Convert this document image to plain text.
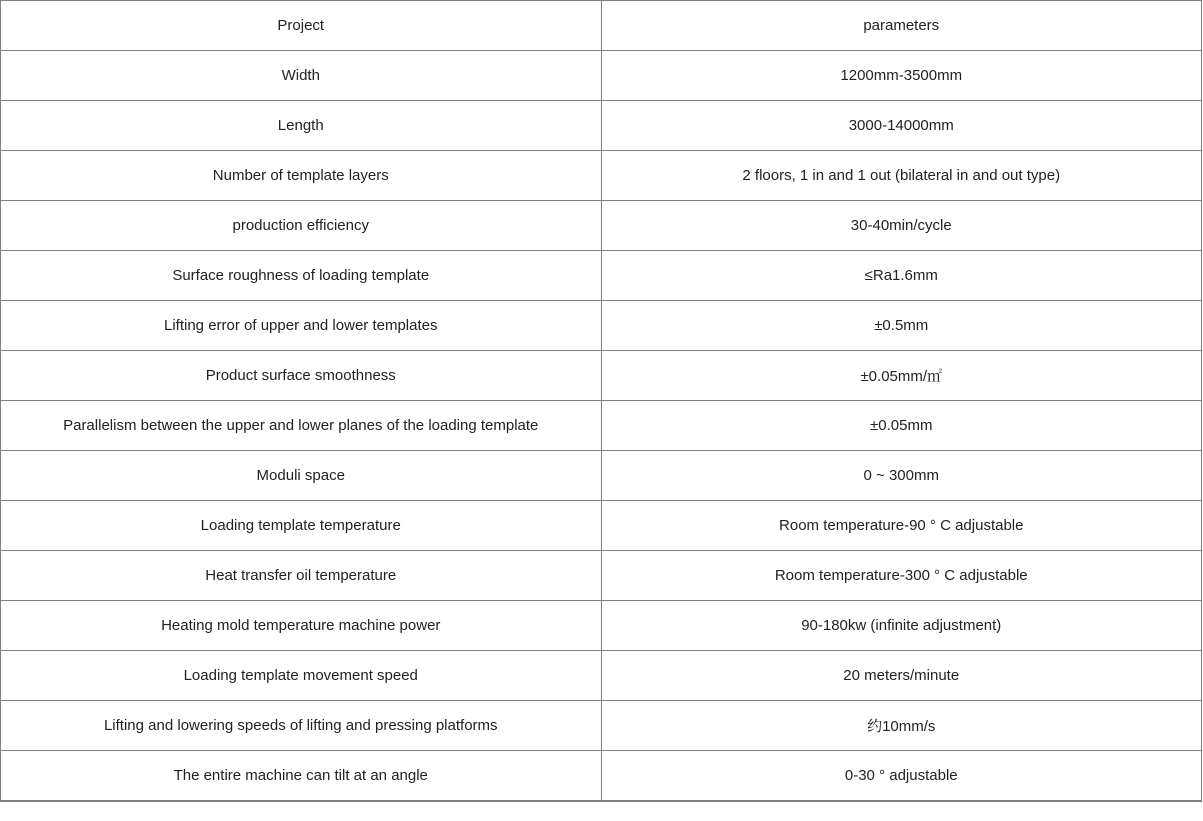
Project	parameters
Width	1200mm-3500mm
Length	3000-14000mm
Number of template layers	2 floors, 1 in and 1 out (bilateral in and out type)
production efficiency	30-40min/cycle
Surface roughness of loading template	≤Ra1.6mm
Lifting error of upper and lower templates	±0.5mm
Product surface smoothness	±0.05mm/㎡
Parallelism between the upper and lower planes of the loading template	±0.05mm
Moduli space	0 ~ 300mm
Loading template temperature	Room temperature-90 ° C adjustable
Heat transfer oil temperature	Room temperature-300 ° C adjustable
Heating mold temperature machine power	90-180kw (infinite adjustment)
Loading template movement speed	20 meters/minute
Lifting and lowering speeds of lifting and pressing platforms	约10mm/s
The entire machine can tilt at an angle	0-30 ° adjustable
